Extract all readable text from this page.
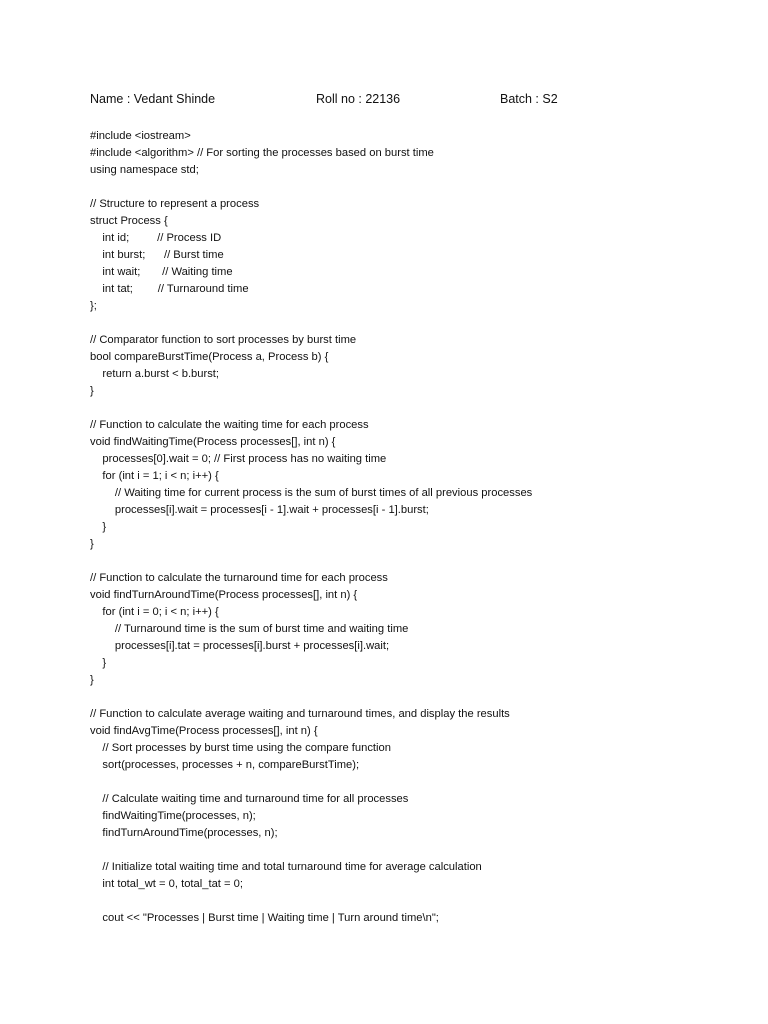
Name : Vedant Shinde	Roll no : 22136	Batch : S2
#include <iostream>
#include <algorithm> // For sorting the processes based on burst time
using namespace std;
// Structure to represent a process
struct Process {
int id;         // Process ID
int burst;      // Burst time
int wait;       // Waiting time
int tat;        // Turnaround time
};
// Comparator function to sort processes by burst time
bool compareBurstTime(Process a, Process b) {
return a.burst < b.burst;
}
// Function to calculate the waiting time for each process
void findWaitingTime(Process processes[], int n) {
processes[0].wait = 0; // First process has no waiting time
for (int i = 1; i < n; i++) {
// Waiting time for current process is the sum of burst times of all previous processes
processes[i].wait = processes[i - 1].wait + processes[i - 1].burst;
}
}
// Function to calculate the turnaround time for each process
void findTurnAroundTime(Process processes[], int n) {
for (int i = 0; i < n; i++) {
// Turnaround time is the sum of burst time and waiting time
processes[i].tat = processes[i].burst + processes[i].wait;
}
}
// Function to calculate average waiting and turnaround times, and display the results
void findAvgTime(Process processes[], int n) {
// Sort processes by burst time using the compare function
sort(processes, processes + n, compareBurstTime);
// Calculate waiting time and turnaround time for all processes
findWaitingTime(processes, n);
findTurnAroundTime(processes, n);
// Initialize total waiting time and total turnaround time for average calculation
int total_wt = 0, total_tat = 0;
cout << "Processes | Burst time | Waiting time | Turn around time\n";
